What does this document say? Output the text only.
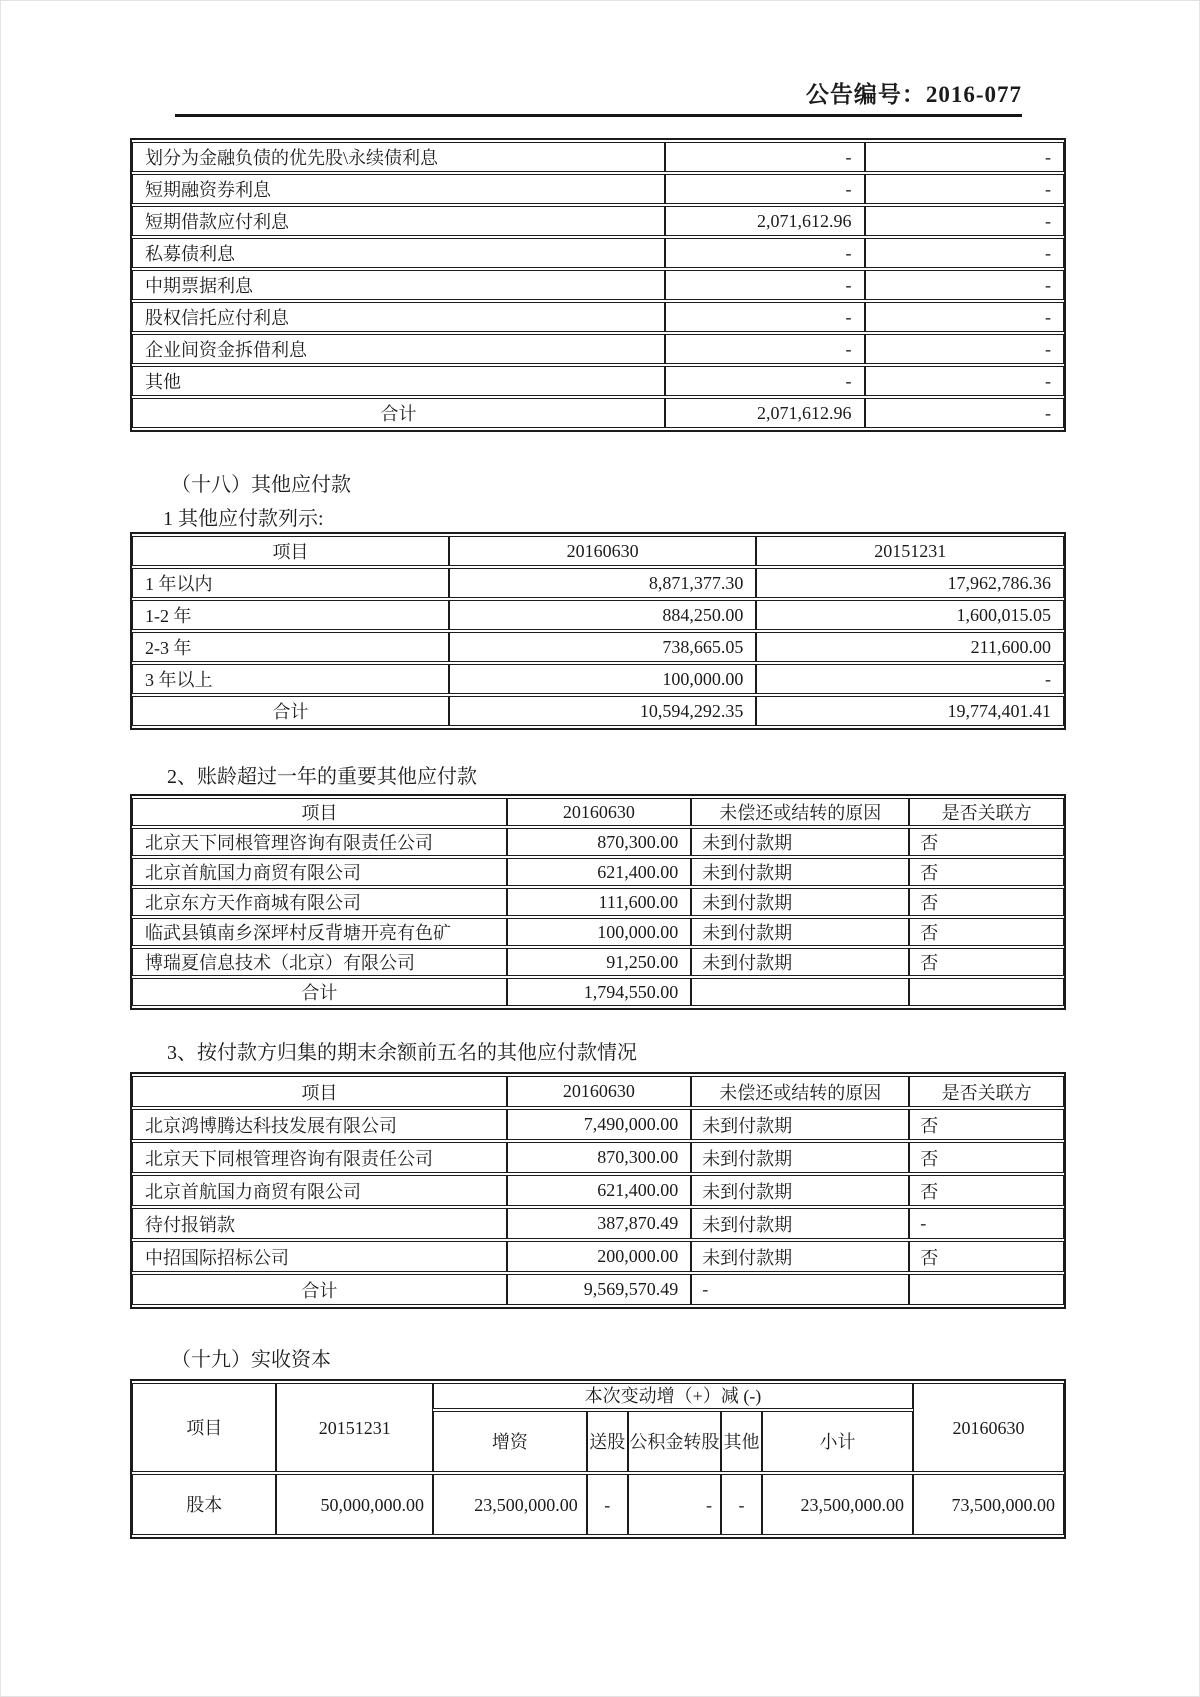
公告编号：2016-077
划分为金融负债的优先股\永续债利息	-	-
短期融资券利息	-	-
短期借款应付利息	2,071,612.96	-
私募债利息	-	-
中期票据利息	-	-
股权信托应付利息	-	-
企业间资金拆借利息	-	-
其他	-	-
合计	2,071,612.96	-
（十八）其他应付款
1 其他应付款列示:
项目	20160630	20151231
1 年以内	8,871,377.30	17,962,786.36
1-2 年	884,250.00	1,600,015.05
2-3 年	738,665.05	211,600.00
3 年以上	100,000.00	-
合计	10,594,292.35	19,774,401.41
2、账龄超过一年的重要其他应付款
项目	20160630	未偿还或结转的原因	是否关联方
北京天下同根管理咨询有限责任公司	870,300.00	未到付款期	否
北京首航国力商贸有限公司	621,400.00	未到付款期	否
北京东方天作商城有限公司	111,600.00	未到付款期	否
临武县镇南乡深坪村反背塘开亮有色矿	100,000.00	未到付款期	否
博瑞夏信息技术（北京）有限公司	91,250.00	未到付款期	否
合计	1,794,550.00		
3、按付款方归集的期末余额前五名的其他应付款情况
项目	20160630	未偿还或结转的原因	是否关联方
北京鸿博腾达科技发展有限公司	7,490,000.00	未到付款期	否
北京天下同根管理咨询有限责任公司	870,300.00	未到付款期	否
北京首航国力商贸有限公司	621,400.00	未到付款期	否
待付报销款	387,870.49	未到付款期	-
中招国际招标公司	200,000.00	未到付款期	否
合计	9,569,570.49	-	
（十九）实收资本
项目	20151231	本次变动增（+）减 (-)					20160630
		增资	送股	公积金转股	其他	小计	
股本	50,000,000.00	23,500,000.00	-	-	-	23,500,000.00	73,500,000.00
